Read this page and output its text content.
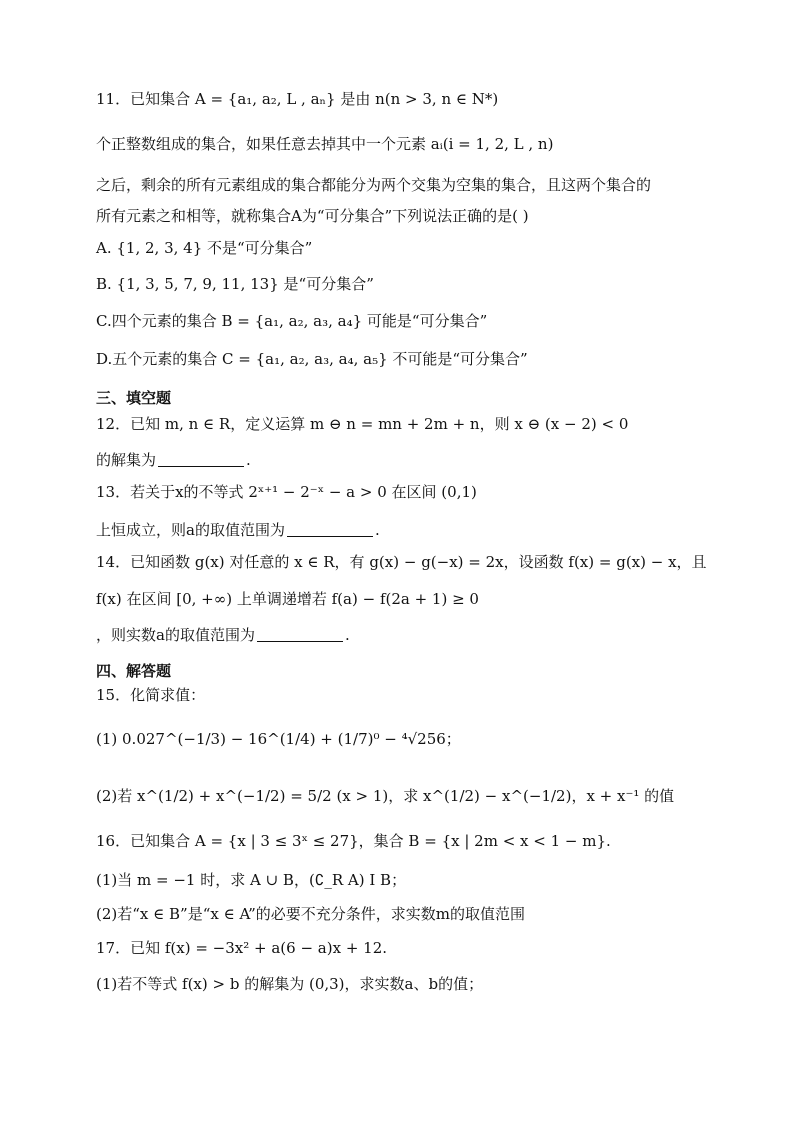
11．已知集合 A = {a₁, a₂, L , aₙ} 是由 n(n > 3, n ∈ N*)
个正整数组成的集合，如果任意去掉其中一个元素 aᵢ(i = 1, 2, L , n)
之后，剩余的所有元素组成的集合都能分为两个交集为空集的集合，且这两个集合的
所有元素之和相等，就称集合A为“可分集合”下列说法正确的是( )
A. {1, 2, 3, 4} 不是“可分集合”
B. {1, 3, 5, 7, 9, 11, 13} 是“可分集合”
C.四个元素的集合 B = {a₁, a₂, a₃, a₄} 可能是“可分集合”
D.五个元素的集合 C = {a₁, a₂, a₃, a₄, a₅} 不可能是“可分集合”
三、填空题
12．已知 m, n ∈ R，定义运算 m ⊖ n = mn + 2m + n，则 x ⊖ (x − 2) < 0
的解集为	.
13．若关于x的不等式 2ˣ⁺¹ − 2⁻ˣ − a > 0 在区间 (0,1)
上恒成立，则a的取值范围为	.
14．已知函数 g(x) 对任意的 x ∈ R，有 g(x) − g(−x) = 2x，设函数 f(x) = g(x) − x，且
f(x) 在区间 [0, +∞) 上单调递增若 f(a) − f(2a + 1) ≥ 0
，则实数a的取值范围为	.
四、解答题
15．化简求值：
(1) 0.027^(−1/3) − 16^(1/4) + (1/7)⁰ − ⁴√256；
(2)若 x^(1/2) + x^(−1/2) = 5/2 (x > 1)，求 x^(1/2) − x^(−1/2)，x + x⁻¹ 的值
16．已知集合 A = {x | 3 ≤ 3ˣ ≤ 27}，集合 B = {x | 2m < x < 1 − m}.
(1)当 m = −1 时，求 A ∪ B，(∁_R A) I B；
(2)若“x ∈ B”是“x ∈ A”的必要不充分条件，求实数m的取值范围
17．已知 f(x) = −3x² + a(6 − a)x + 12.
(1)若不等式 f(x) > b 的解集为 (0,3)，求实数a、b的值；
